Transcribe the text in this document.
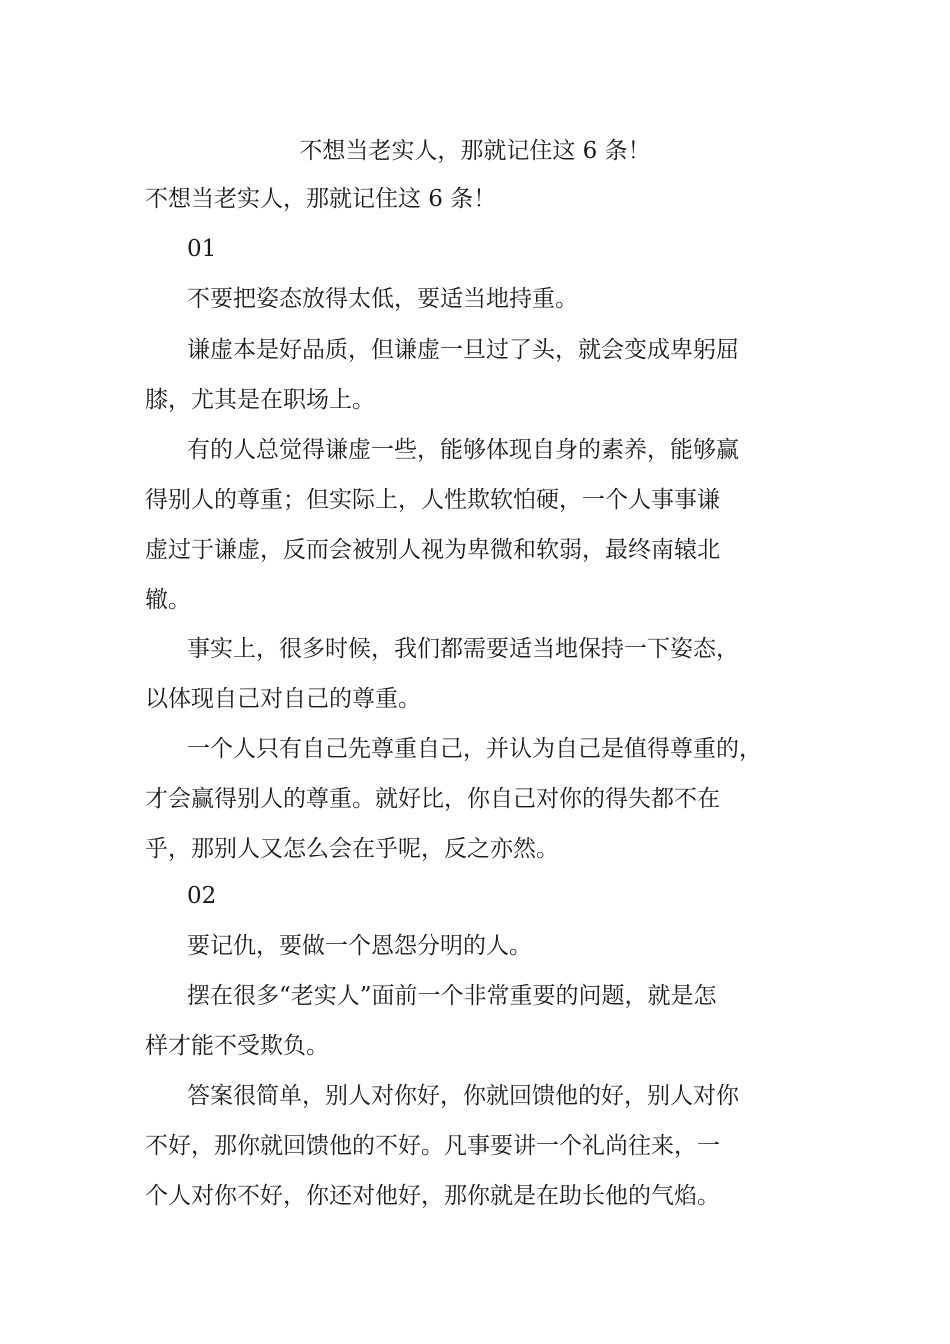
不想当老实人，那就记住这 6 条！
不想当老实人，那就记住这 6 条！
01
不要把姿态放得太低，要适当地持重。
谦虚本是好品质，但谦虚一旦过了头，就会变成卑躬屈
膝，尤其是在职场上。
有的人总觉得谦虚一些，能够体现自身的素养，能够赢
得别人的尊重；但实际上，人性欺软怕硬，一个人事事谦
虚过于谦虚，反而会被别人视为卑微和软弱，最终南辕北
辙。
事实上，很多时候，我们都需要适当地保持一下姿态，
以体现自己对自己的尊重。
一个人只有自己先尊重自己，并认为自己是值得尊重的，
才会赢得别人的尊重。就好比，你自己对你的得失都不在
乎，那别人又怎么会在乎呢，反之亦然。
02
要记仇，要做一个恩怨分明的人。
摆在很多“老实人”面前一个非常重要的问题，就是怎
样才能不受欺负。
答案很简单，别人对你好，你就回馈他的好，别人对你
不好，那你就回馈他的不好。凡事要讲一个礼尚往来，一
个人对你不好，你还对他好，那你就是在助长他的气焰。
